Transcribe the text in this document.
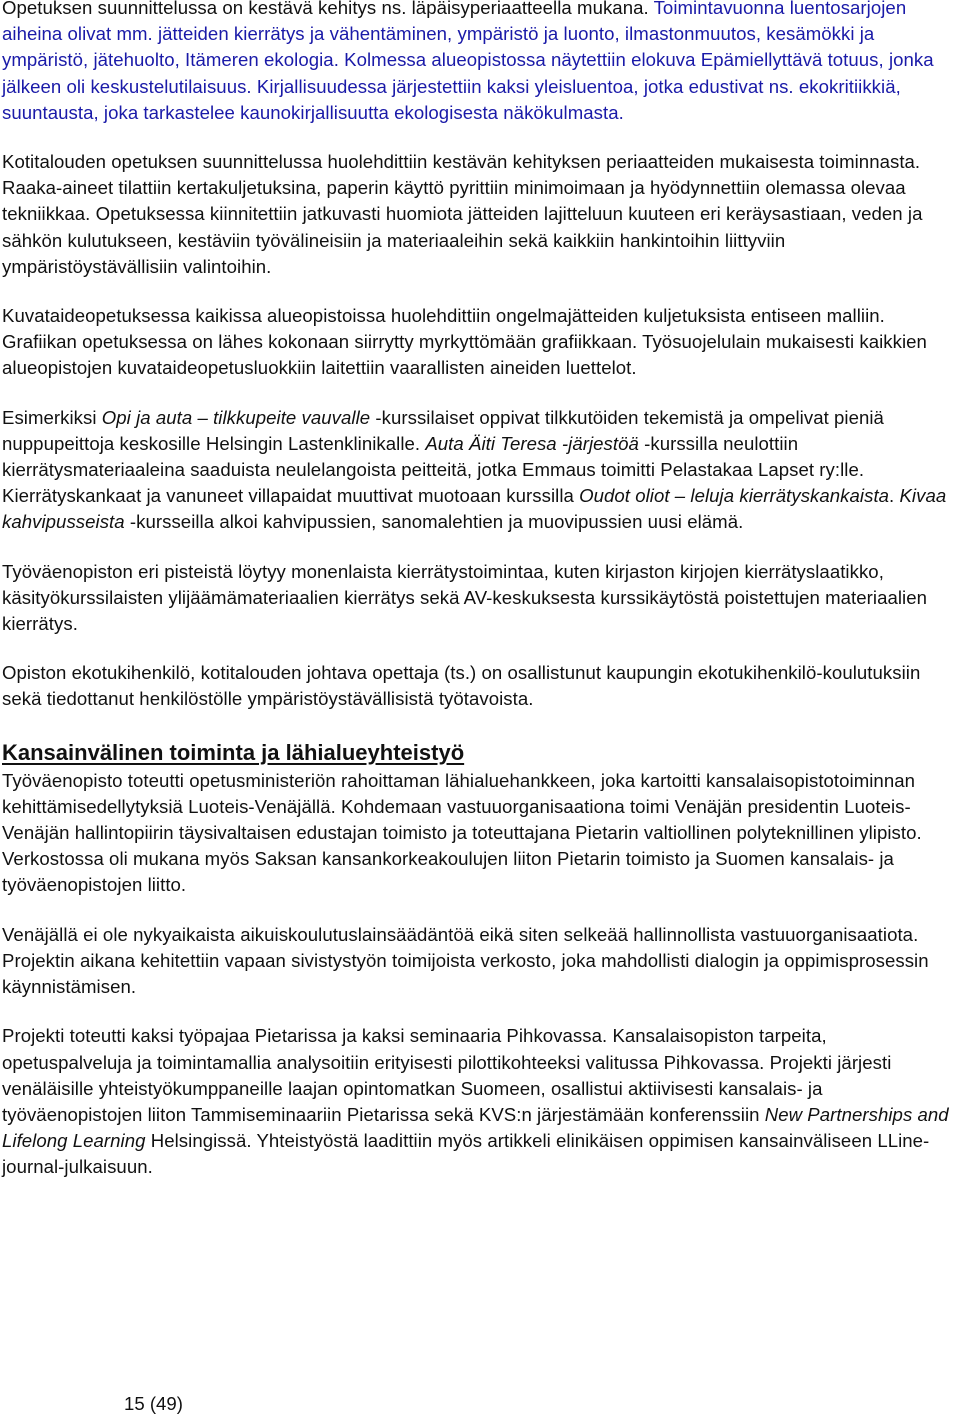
Opetuksen suunnittelussa on kestävä kehitys ns. läpäisyperiaatteella mukana. Toimintavuonna luentosarjojen aiheina olivat mm. jätteiden kierrätys ja vähentäminen, ympäristö ja luonto, ilmastonmuutos, kesämökki ja ympäristö, jätehuolto, Itämeren ekologia. Kolmessa alueopistossa näytettiin elokuva Epämiellyttävä totuus, jonka jälkeen oli keskustelutilaisuus. Kirjallisuudessa järjestettiin kaksi yleisluentoa, jotka edustivat ns. ekokritiikkiä, suuntausta, joka tarkastelee kaunokirjallisuutta ekologisesta näkökulmasta.

Kotitalouden opetuksen suunnittelussa huolehdittiin kestävän kehityksen periaatteiden mukaisesta toiminnasta. Raaka-aineet tilattiin kertakuljetuksina, paperin käyttö pyrittiin minimoimaan ja hyödynnettiin olemassa olevaa tekniikkaa. Opetuksessa kiinnitettiin jatkuvasti huomiota jätteiden lajitteluun kuuteen eri keräysastiaan, veden ja sähkön kulutukseen, kestäviin työvälineisiin ja materiaaleihin sekä kaikkiin hankintoihin liittyviin ympäristöystävällisiin valintoihin.

Kuvataideopetuksessa kaikissa alueopistoissa huolehdittiin ongelmajätteiden kuljetuksista entiseen malliin. Grafiikan opetuksessa on lähes kokonaan siirrytty myrkyttömään grafiikkaan. Työsuojelulain mukaisesti kaikkien alueopistojen kuvataideopetusluokkiin laitettiin vaarallisten aineiden luettelot.

Esimerkiksi Opi ja auta – tilkkupeite vauvalle -kurssilaiset oppivat tilkkutöiden tekemistä ja ompelivat pieniä nuppupeittoja keskosille Helsingin Lastenklinikalle. Auta Äiti Teresa -järjestöä -kurssilla neulottiin kierrätysmateriaaleina saaduista neulelangoista peitteitä, jotka Emmaus toimitti Pelastakaa Lapset ry:lle. Kierrätyskankaat ja vanuneet villapaidat muuttivat muotoaan kurssilla Oudot oliot – leluja kierrätyskankaista. Kivaa kahvipusseista -kursseilla alkoi kahvipussien, sanomalehtien ja muovipussien uusi elämä.

Työväenopiston eri pisteistä löytyy monenlaista kierrätystoimintaa, kuten kirjaston kirjojen kierrätyslaatikko, käsityökurssilaisten ylijäämämateriaalien kierrätys sekä AV-keskuksesta kurssikäytöstä poistettujen materiaalien kierrätys.

Opiston ekotukihenkilö, kotitalouden johtava opettaja (ts.) on osallistunut kaupungin ekotukihenkilö-koulutuksiin sekä tiedottanut henkilöstölle ympäristöystävällisistä työtavoista.

Kansainvälinen toiminta ja lähialueyhteistyö

Työväenopisto toteutti opetusministeriön rahoittaman lähialuehankkeen, joka kartoitti kansalaisopistotoiminnan kehittämisedellytyksiä Luoteis-Venäjällä. Kohdemaan vastuuorganisaationa toimi Venäjän presidentin Luoteis-Venäjän hallintopiirin täysivaltaisen edustajan toimisto ja toteuttajana Pietarin valtiollinen polyteknillinen ylipisto. Verkostossa oli mukana myös Saksan kansankorkeakoulujen liiton Pietarin toimisto ja Suomen kansalais- ja työväenopistojen liitto.

Venäjällä ei ole nykyaikaista aikuiskoulutuslainsäädäntöä eikä siten selkeää hallinnollista vastuuorganisaatiota. Projektin aikana kehitettiin vapaan sivistystyön toimijoista verkosto, joka mahdollisti dialogin ja oppimisprosessin käynnistämisen.

Projekti toteutti kaksi työpajaa Pietarissa ja kaksi seminaaria Pihkovassa. Kansalaisopiston tarpeita, opetuspalveluja ja toimintamallia analysoitiin erityisesti pilottikohteeksi valitussa Pihkovassa. Projekti järjesti venäläisille yhteistyökumppaneille laajan opintomatkan Suomeen, osallistui aktiivisesti kansalais- ja työväenopistojen liiton Tammiseminaariin Pietarissa sekä KVS:n järjestämään konferenssiin New Partnerships and Lifelong Learning Helsingissä. Yhteistyöstä laadittiin myös artikkeli elinikäisen oppimisen kansainväliseen LLine-journal-julkaisuun.

15 (49)
